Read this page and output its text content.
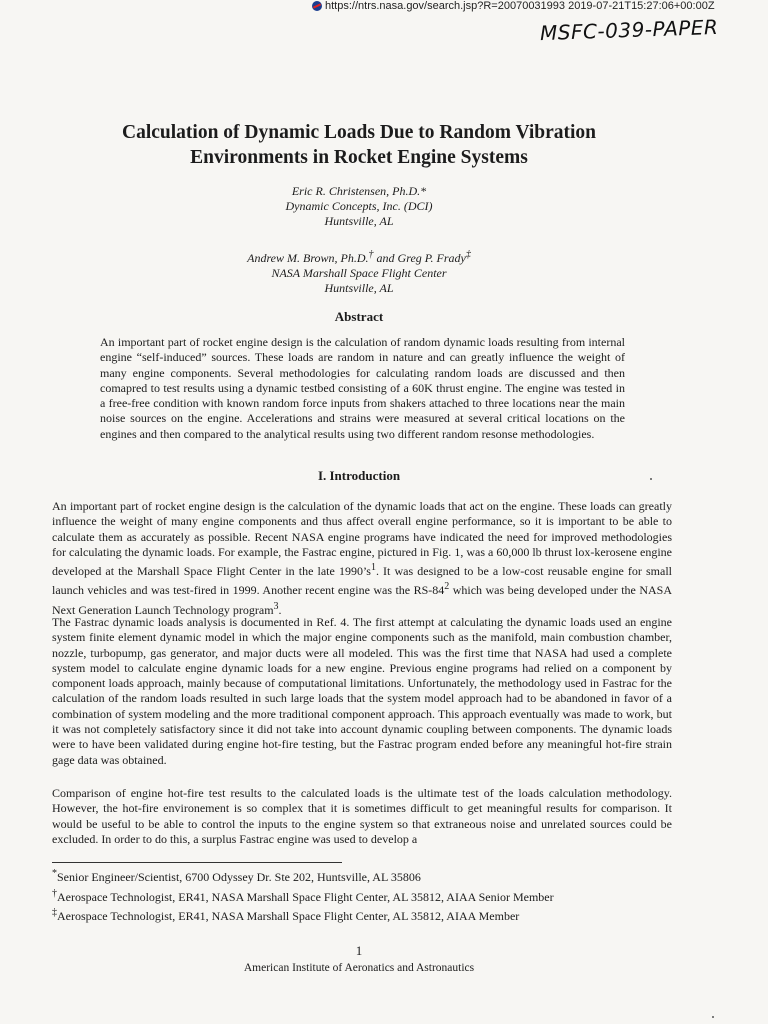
https://ntrs.nasa.gov/search.jsp?R=20070031993 2019-07-21T15:27:06+00:00Z
MSFC-039-PAPER
Calculation of Dynamic Loads Due to Random Vibration
Environments in Rocket Engine Systems
Eric R. Christensen, Ph.D.*
Dynamic Concepts, Inc. (DCI)
Huntsville, AL
Andrew M. Brown, Ph.D.† and Greg P. Frady‡
NASA Marshall Space Flight Center
Huntsville, AL
Abstract

An important part of rocket engine design is the calculation of random dynamic loads resulting from internal engine “self-induced” sources. These loads are random in nature and can greatly influence the weight of many engine components. Several methodologies for calculating random loads are discussed and then comapred to test results using a dynamic testbed consisting of a 60K thrust engine. The engine was tested in a free-free condition with known random force inputs from shakers attached to three locations near the main noise sources on the engine. Accelerations and strains were measured at several critical locations on the engines and then compared to the analytical results using two different random resonse methodologies.

I. Introduction

An important part of rocket engine design is the calculation of the dynamic loads that act on the engine. These loads can greatly influence the weight of many engine components and thus affect overall engine performance, so it is important to be able to calculate them as accurately as possible. Recent NASA engine programs have indicated the need for improved methodologies for calculating the dynamic loads. For example, the Fastrac engine, pictured in Fig. 1, was a 60,000 lb thrust lox-kerosene engine developed at the Marshall Space Flight Center in the late $1990’s^1$. It was designed to be a low-cost reusable engine for small launch vehicles and was test-fired in 1999. Another recent engine was the $RS-84^2$ which was being developed under the NASA Next Generation Launch Technology program$^3$.

The Fastrac dynamic loads analysis is documented in Ref. 4. The first attempt at calculating the dynamic loads used an engine system finite element dynamic model in which the major engine components such as the manifold, main combustion chamber, nozzle, turbopump, gas generator, and major ducts were all modeled. This was the first time that NASA had used a complete system model to calculate engine dynamic loads for a new engine. Previous engine programs had relied on a component by component loads approach, mainly because of computational limitations. Unfortunately, the methodology used in Fastrac for the calculation of the random loads resulted in such large loads that the system model approach had to be abandoned in favor of a combination of system modeling and the more traditional component approach. This approach eventually was made to work, but it was not completely satisfactory since it did not take into account dynamic coupling between components. The dynamic loads were to have been validated during engine hot-fire testing, but the Fastrac program ended before any meaningful hot-fire strain gage data was obtained.

Comparison of engine hot-fire test results to the calculated loads is the ultimate test of the loads calculation methodology. However, the hot-fire environement is so complex that it is sometimes difficult to get meaningful results for comparison. It would be useful to be able to control the inputs to the engine system so that extraneous noise and unrelated sources could be excluded. In order to do this, a surplus Fastrac engine was used to develop a

*Senior Engineer/Scientist, 6700 Odyssey Dr. Ste 202, Huntsville, AL 35806
†Aerospace Technologist, ER41, NASA Marshall Space Flight Center, AL 35812, AIAA Senior Member
‡Aerospace Technologist, ER41, NASA Marshall Space Flight Center, AL 35812, AIAA Member
1
American Institute of Aeronatics and Astronautics
